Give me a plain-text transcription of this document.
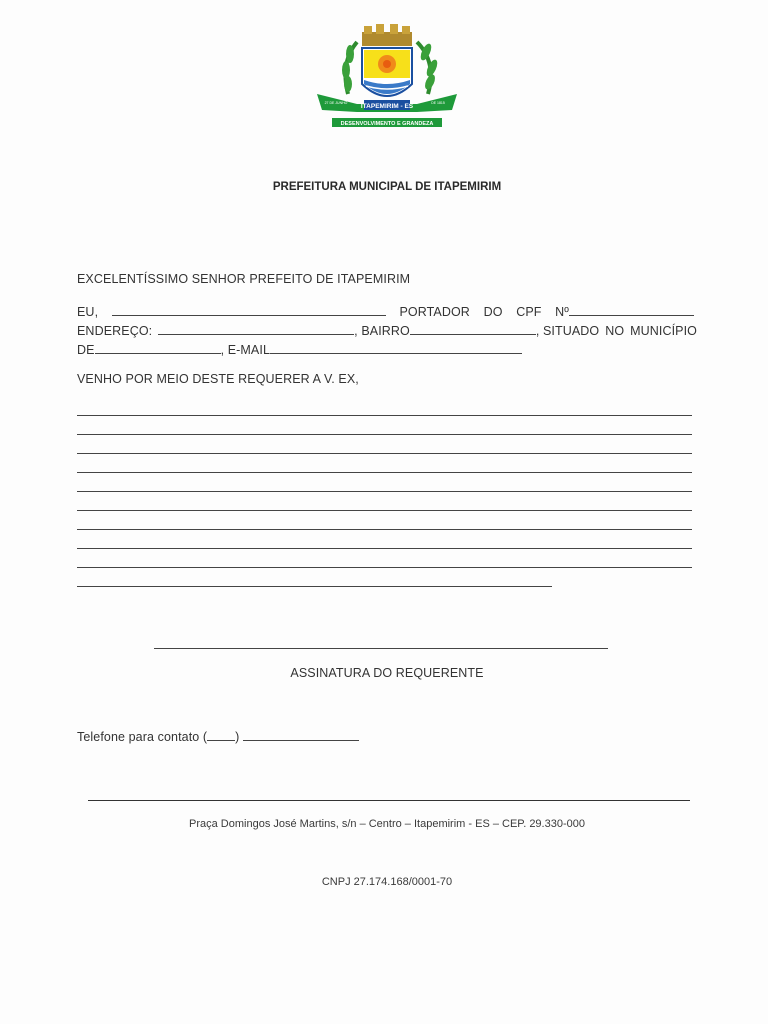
ITAPEMIRIM - ES
27 DE JUNHO	DE 1815
DESENVOLVIMENTO E GRANDEZA
PREFEITURA MUNICIPAL DE ITAPEMIRIM
EXCELENTÍSSIMO SENHOR PREFEITO DE ITAPEMIRIM
EU,	PORTADOR DO CPF Nº
ENDEREÇO:	, BAIRRO	, SITUADO NO MUNICÍPIO
DE	, E-MAIL
VENHO POR MEIO DESTE REQUERER A V. EX,
ASSINATURA DO REQUERENTE
Telefone para contato ( )
Praça Domingos José Martins, s/n – Centro – Itapemirim - ES – CEP. 29.330-000
CNPJ 27.174.168/0001-70
